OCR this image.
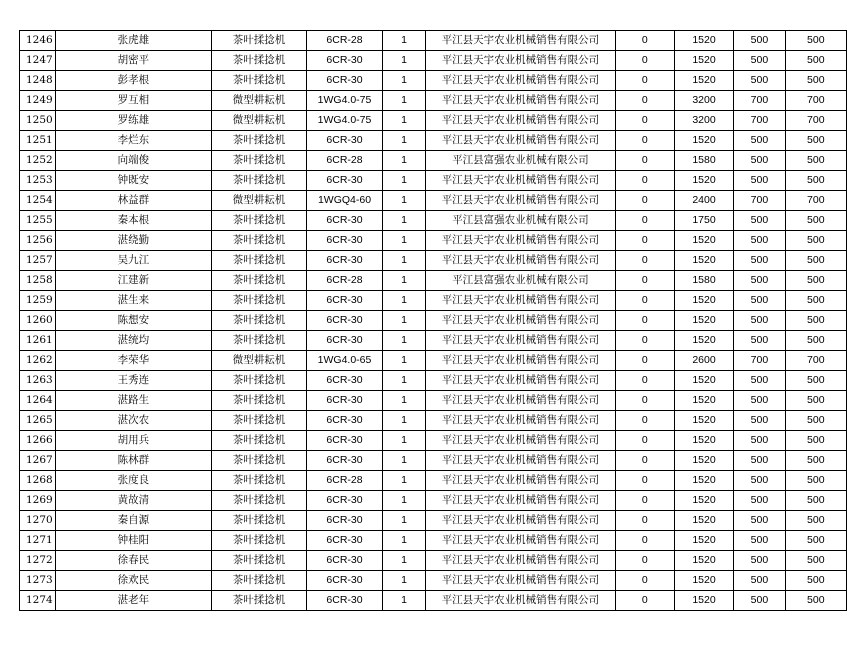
1246	张虎雄	茶叶揉捻机	6CR-28	1	平江县天宇农业机械销售有限公司	0	1520	500	500
1247	胡密平	茶叶揉捻机	6CR-30	1	平江县天宇农业机械销售有限公司	0	1520	500	500
1248	彭孝根	茶叶揉捻机	6CR-30	1	平江县天宇农业机械销售有限公司	0	1520	500	500
1249	罗互相	微型耕耘机	1WG4.0-75	1	平江县天宇农业机械销售有限公司	0	3200	700	700
1250	罗练雄	微型耕耘机	1WG4.0-75	1	平江县天宇农业机械销售有限公司	0	3200	700	700
1251	李烂东	茶叶揉捻机	6CR-30	1	平江县天宇农业机械销售有限公司	0	1520	500	500
1252	向端俊	茶叶揉捻机	6CR-28	1	平江县富强农业机械有限公司	0	1580	500	500
1253	钟既安	茶叶揉捻机	6CR-30	1	平江县天宇农业机械销售有限公司	0	1520	500	500
1254	林益群	微型耕耘机	1WGQ4-60	1	平江县天宇农业机械销售有限公司	0	2400	700	700
1255	秦本根	茶叶揉捻机	6CR-30	1	平江县富强农业机械有限公司	0	1750	500	500
1256	湛绕勤	茶叶揉捻机	6CR-30	1	平江县天宇农业机械销售有限公司	0	1520	500	500
1257	吴九江	茶叶揉捻机	6CR-30	1	平江县天宇农业机械销售有限公司	0	1520	500	500
1258	江建新	茶叶揉捻机	6CR-28	1	平江县富强农业机械有限公司	0	1580	500	500
1259	湛生来	茶叶揉捻机	6CR-30	1	平江县天宇农业机械销售有限公司	0	1520	500	500
1260	陈想安	茶叶揉捻机	6CR-30	1	平江县天宇农业机械销售有限公司	0	1520	500	500
1261	湛统均	茶叶揉捻机	6CR-30	1	平江县天宇农业机械销售有限公司	0	1520	500	500
1262	李荣华	微型耕耘机	1WG4.0-65	1	平江县天宇农业机械销售有限公司	0	2600	700	700
1263	王秀连	茶叶揉捻机	6CR-30	1	平江县天宇农业机械销售有限公司	0	1520	500	500
1264	湛路生	茶叶揉捻机	6CR-30	1	平江县天宇农业机械销售有限公司	0	1520	500	500
1265	湛次农	茶叶揉捻机	6CR-30	1	平江县天宇农业机械销售有限公司	0	1520	500	500
1266	胡用兵	茶叶揉捻机	6CR-30	1	平江县天宇农业机械销售有限公司	0	1520	500	500
1267	陈林群	茶叶揉捻机	6CR-30	1	平江县天宇农业机械销售有限公司	0	1520	500	500
1268	张度良	茶叶揉捻机	6CR-28	1	平江县天宇农业机械销售有限公司	0	1520	500	500
1269	黄故清	茶叶揉捻机	6CR-30	1	平江县天宇农业机械销售有限公司	0	1520	500	500
1270	秦自源	茶叶揉捻机	6CR-30	1	平江县天宇农业机械销售有限公司	0	1520	500	500
1271	钟桂阳	茶叶揉捻机	6CR-30	1	平江县天宇农业机械销售有限公司	0	1520	500	500
1272	徐春民	茶叶揉捻机	6CR-30	1	平江县天宇农业机械销售有限公司	0	1520	500	500
1273	徐欢民	茶叶揉捻机	6CR-30	1	平江县天宇农业机械销售有限公司	0	1520	500	500
1274	湛老年	茶叶揉捻机	6CR-30	1	平江县天宇农业机械销售有限公司	0	1520	500	500
